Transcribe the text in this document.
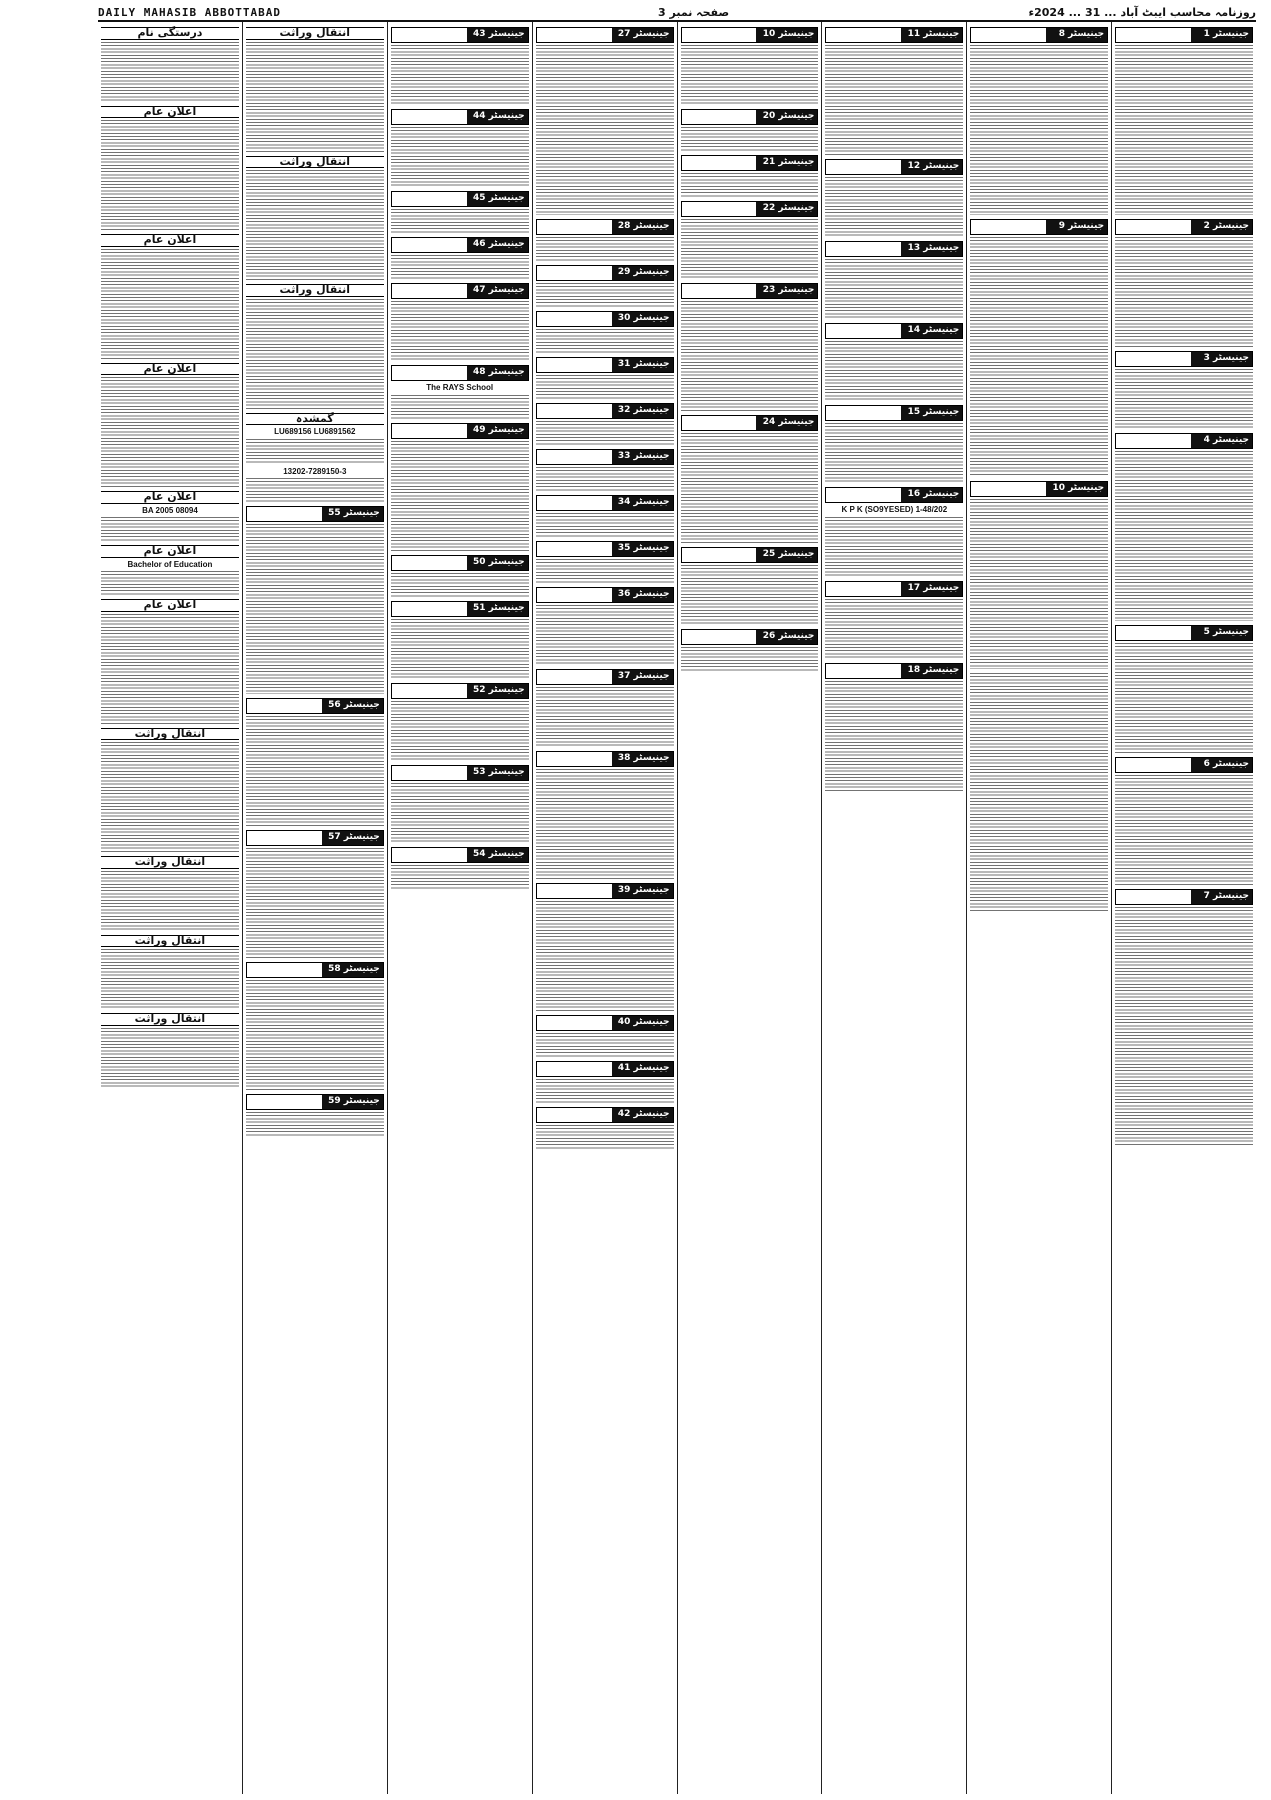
DAILY MAHASIB ABBOTTABAD	صفحہ نمبر 3	روزنامہ محاسب ایبٹ آباد ... 31 ... 2024ء
جینیسٹر 1
جینیسٹر 2
جینیسٹر 3
جینیسٹر 4
جینیسٹر 5
جینیسٹر 6
جینیسٹر 7
جینیسٹر 8
جینیسٹر 9
جینیسٹر 10
جینیسٹر 11
جینیسٹر 12
جینیسٹر 13
جینیسٹر 14
جینیسٹر 15
جینیسٹر 16
K P K (SO9YESED) 1-48/202
جینیسٹر 17
جینیسٹر 18
جینیسٹر 10
جینیسٹر 20
جینیسٹر 21
جینیسٹر 22
جینیسٹر 23
جینیسٹر 24
جینیسٹر 25
جینیسٹر 26
جینیسٹر 27
جینیسٹر 28
جینیسٹر 29
جینیسٹر 30
جینیسٹر 31
جینیسٹر 32
جینیسٹر 33
جینیسٹر 34
جینیسٹر 35
جینیسٹر 36
جینیسٹر 37
جینیسٹر 38
جینیسٹر 39
جینیسٹر 40
جینیسٹر 41
جینیسٹر 42
جینیسٹر 43
جینیسٹر 44
جینیسٹر 45
جینیسٹر 46
جینیسٹر 47
جینیسٹر 48
The RAYS School
جینیسٹر 49
جینیسٹر 50
جینیسٹر 51
جینیسٹر 52
جینیسٹر 53
جینیسٹر 54
انتقال وراثت
انتقال وراثت
انتقال وراثت
گمشدہ
LU689156 LU6891562
13202-7289150-3
جینیسٹر 55
جینیسٹر 56
جینیسٹر 57
جینیسٹر 58
جینیسٹر 59
درستگی نام
اعلان عام
اعلان عام
اعلان عام
اعلان عام
BA 2005 08094
اعلان عام
Bachelor of Education
اعلان عام
انتقال وراثت
انتقال وراثت
انتقال وراثت
انتقال وراثت
